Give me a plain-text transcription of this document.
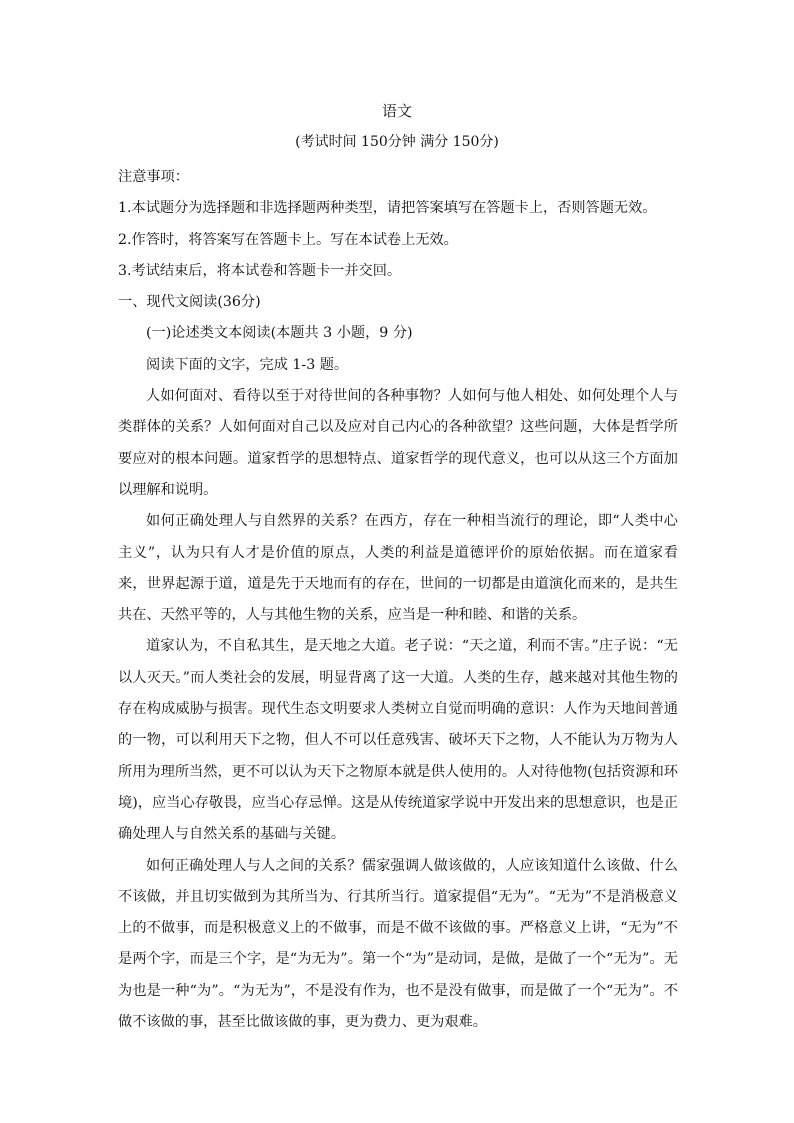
语文
(考试时间 150分钟 满分 150分)

注意事项：

1.本试题分为选择题和非选择题两种类型，请把答案填写在答题卡上，否则答题无效。

2.作答时，将答案写在答题卡上。写在本试卷上无效。

3.考试结束后，将本试卷和答题卡一并交回。

一、现代文阅读(36分)

(一)论述类文本阅读(本题共 3 小题，9 分)

阅读下面的文字，完成 1-3 题。

人如何面对、看待以至于对待世间的各种事物？人如何与他人相处、如何处理个人与类群体的关系？人如何面对自己以及应对自己内心的各种欲望？这些问题，大体是哲学所要应对的根本问题。道家哲学的思想特点、道家哲学的现代意义，也可以从这三个方面加以理解和说明。

如何正确处理人与自然界的关系？在西方，存在一种相当流行的理论，即“人类中心主义”，认为只有人才是价值的原点，人类的利益是道德评价的原始依据。而在道家看来，世界起源于道，道是先于天地而有的存在，世间的一切都是由道演化而来的，是共生共在、天然平等的，人与其他生物的关系，应当是一种和睦、和谐的关系。

道家认为，不自私其生，是天地之大道。老子说：“天之道，利而不害。”庄子说：“无以人灭天。”而人类社会的发展，明显背离了这一大道。人类的生存，越来越对其他生物的存在构成威胁与损害。现代生态文明要求人类树立自觉而明确的意识：人作为天地间普通的一物，可以利用天下之物，但人不可以任意残害、破坏天下之物，人不能认为万物为人所用为理所当然，更不可以认为天下之物原本就是供人使用的。人对待他物(包括资源和环境)，应当心存敬畏，应当心存忌惮。这是从传统道家学说中开发出来的思想意识，也是正确处理人与自然关系的基础与关键。

如何正确处理人与人之间的关系？儒家强调人做该做的，人应该知道什么该做、什么不该做，并且切实做到为其所当为、行其所当行。道家提倡“无为”。“无为”不是消极意义上的不做事，而是积极意义上的不做事，而是不做不该做的事。严格意义上讲，“无为”不是两个字，而是三个字，是“为无为”。第一个“为”是动词，是做，是做了一个“无为”。无为也是一种“为”。“为无为”，不是没有作为，也不是没有做事，而是做了一个“无为”。不做不该做的事，甚至比做该做的事，更为费力、更为艰难。
